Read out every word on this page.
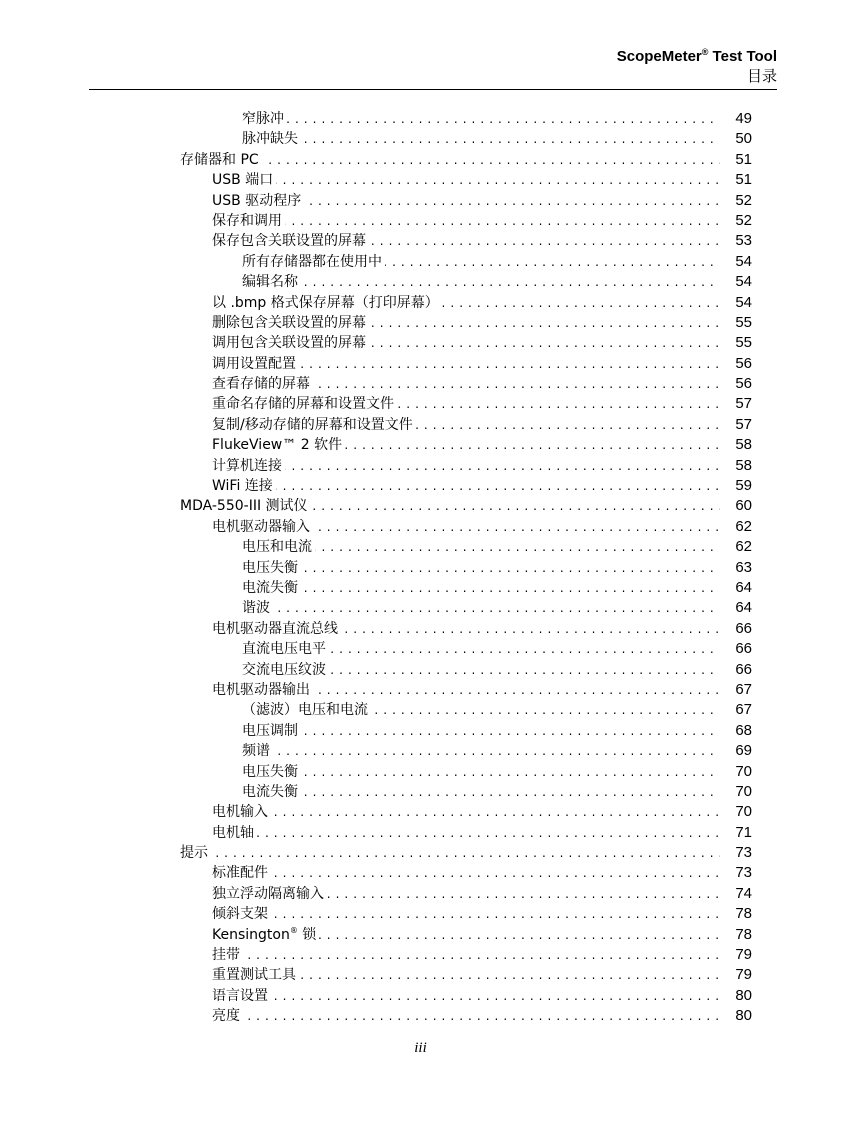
ScopeMeter® Test Tool
目录
窄脉冲 . . .	49
脉冲缺失 . . .	50
存储器和 PC . . .	51
USB 端口 . . .	51
USB 驱动程序 . . .	52
保存和调用 . . .	52
保存包含关联设置的屏幕 . . .	53
所有存储器都在使用中 . . .	54
编辑名称 . . .	54
以 .bmp 格式保存屏幕（打印屏幕） . . .	54
删除包含关联设置的屏幕 . . .	55
调用包含关联设置的屏幕 . . .	55
调用设置配置 . . .	56
查看存储的屏幕 . . .	56
重命名存储的屏幕和设置文件 . . .	57
复制/移动存储的屏幕和设置文件 . . .	57
FlukeView™ 2 软件 . . .	58
计算机连接 . . .	58
WiFi 连接 . . .	59
MDA-550-III 测试仪 . . .	60
电机驱动器输入 . . .	62
电压和电流 . . .	62
电压失衡 . . .	63
电流失衡 . . .	64
谐波 . . .	64
电机驱动器直流总线 . . .	66
直流电压电平 . . .	66
交流电压纹波 . . .	66
电机驱动器输出 . . .	67
（滤波）电压和电流 . . .	67
电压调制 . . .	68
频谱 . . .	69
电压失衡 . . .	70
电流失衡 . . .	70
电机输入 . . .	70
电机轴 . . .	71
提示 . . .	73
标准配件 . . .	73
独立浮动隔离输入 . . .	74
倾斜支架 . . .	78
Kensington® 锁 . . .	78
挂带 . . .	79
重置测试工具 . . .	79
语言设置 . . .	80
亮度 . . .	80
iii
